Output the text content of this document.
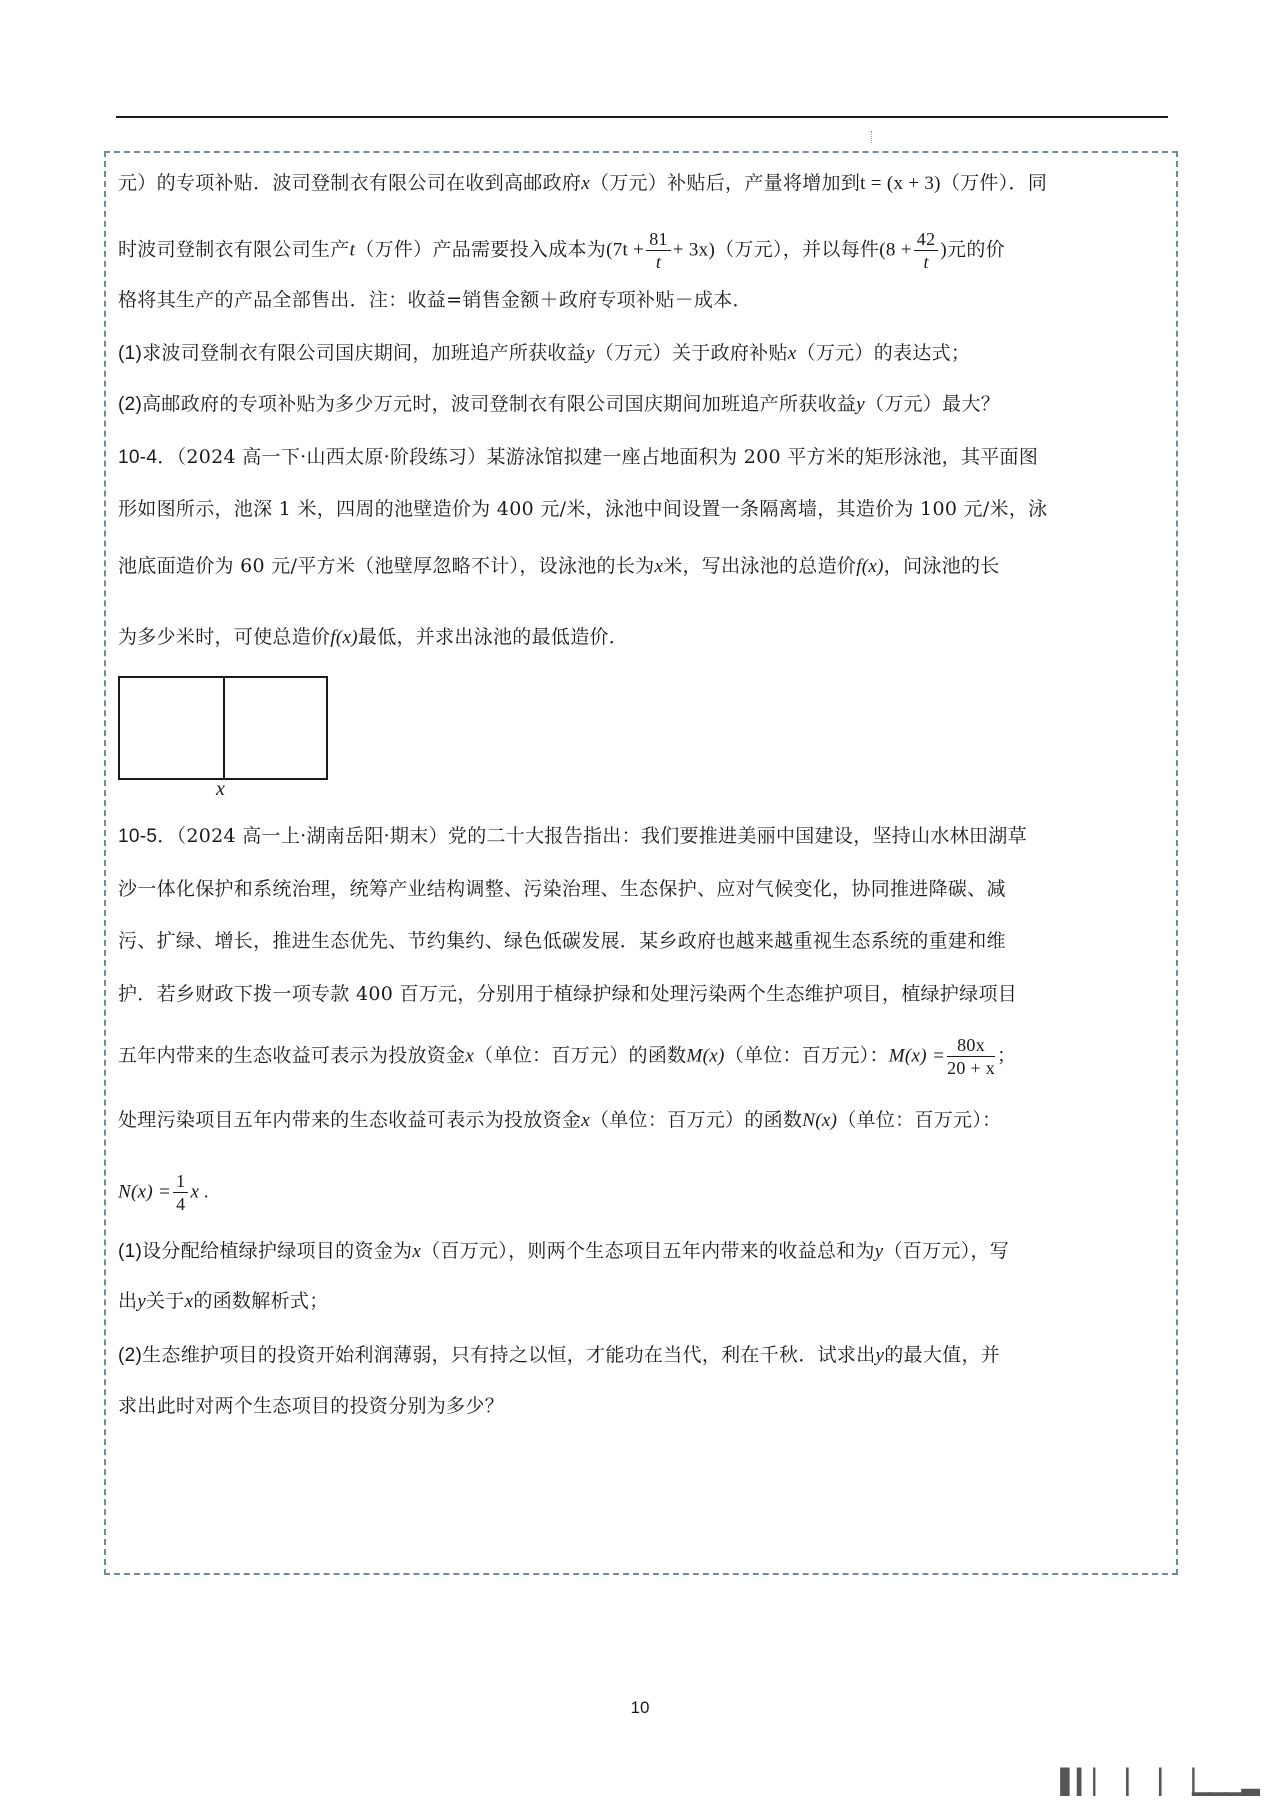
元）的专项补贴．波司登制衣有限公司在收到高邮政府x（万元）补贴后，产量将增加到t = (x + 3)（万件）．同
时波司登制衣有限公司生产t（万件）产品需要投入成本为$(7t + \frac{81}{t} + 3x)$（万元），并以每件($8 + \frac{42}{t}$ )元的价
格将其生产的产品全部售出．注：收益=销售金额＋政府专项补贴－成本．
(1)求波司登制衣有限公司国庆期间，加班追产所获收益y（万元）关于政府补贴x（万元）的表达式；
(2)高邮政府的专项补贴为多少万元时，波司登制衣有限公司国庆期间加班追产所获收益y（万元）最大？
10-4．（2024 高一下·山西太原·阶段练习）某游泳馆拟建一座占地面积为 200 平方米的矩形泳池，其平面图
形如图所示，池深 1 米，四周的池壁造价为 400 元/米，泳池中间设置一条隔离墙，其造价为 100 元/米，泳
池底面造价为 60 元/平方米（池壁厚忽略不计），设泳池的长为x米，写出泳池的总造价f(x)，问泳池的长
为多少米时，可使总造价f(x)最低，并求出泳池的最低造价．
x
10-5．（2024 高一上·湖南岳阳·期末）党的二十大报告指出：我们要推进美丽中国建设，坚持山水林田湖草
沙一体化保护和系统治理，统筹产业结构调整、污染治理、生态保护、应对气候变化，协同推进降碳、减
污、扩绿、增长，推进生态优先、节约集约、绿色低碳发展．某乡政府也越来越重视生态系统的重建和维
护．若乡财政下拨一项专款 400 百万元，分别用于植绿护绿和处理污染两个生态维护项目，植绿护绿项目
五年内带来的生态收益可表示为投放资金x（单位：百万元）的函数M(x)（单位：百万元）：$M(x) = \frac{80x}{20 + x}$ ；
处理污染项目五年内带来的生态收益可表示为投放资金x（单位：百万元）的函数N(x)（单位：百万元）：
$N(x) = \frac{1}{4}$ x .
(1)设分配给植绿护绿项目的资金为x（百万元），则两个生态项目五年内带来的收益总和为y（百万元），写
出y关于x的函数解析式；
(2)生态维护项目的投资开始利润薄弱，只有持之以恒，才能功在当代，利在千秋．试求出y的最大值，并
求出此时对两个生态项目的投资分别为多少？
10
▌▎▏▕▏▕▏▕▁▁▁▂
